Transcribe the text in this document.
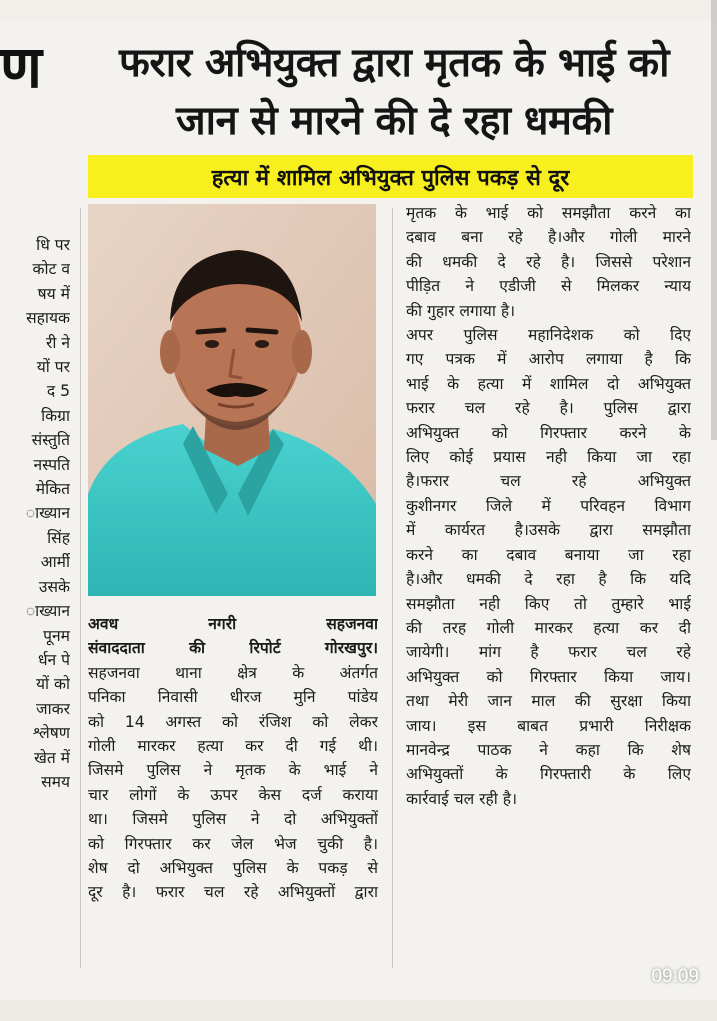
ण	फरार अभियुक्त द्वारा मृतक के भाई को
जान से मारने की दे रहा धमकी
हत्या में शामिल अभियुक्त पुलिस पकड़ से दूर
धि पर
कोट व
षय में
सहायक
री ने
यों पर
5 द
किग्रा
संस्तुति
नस्पति
मेकित
ाख्यान
सिंह
आर्मी
उसके
ाख्यान
पूनम
र्धन पे
यों को
जाकर
श्लेषण
खेत में
समय
अवध नगरी सहजनवा
संवाददाता की रिपोर्ट गोरखपुर।
सहजनवा थाना क्षेत्र के अंतर्गत
पनिका निवासी धीरज मुनि पांडेय
को 14 अगस्त को रंजिश को लेकर
गोली मारकर हत्या कर दी गई थी।
जिसमे पुलिस ने मृतक के भाई ने
चार लोगों के ऊपर केस दर्ज कराया
था। जिसमे पुलिस ने दो अभियुक्तों
को गिरफ्तार कर जेल भेज चुकी है।
शेष दो अभियुक्त पुलिस के पकड़ से
दूर है। फरार चल रहे अभियुक्तों द्वारा
मृतक के भाई को समझौता करने का
दबाव बना रहे है।और गोली मारने
की धमकी दे रहे है। जिससे परेशान
पीड़ित ने एडीजी से मिलकर न्याय
की गुहार लगाया है।
अपर पुलिस महानिदेशक को दिए
गए पत्रक में आरोप लगाया है कि
भाई के हत्या में शामिल दो अभियुक्त
फरार चल रहे है। पुलिस द्वारा
अभियुक्त को गिरफ्तार करने के
लिए कोई प्रयास नही किया जा रहा
है।फरार चल रहे अभियुक्त
कुशीनगर जिले में परिवहन विभाग
में कार्यरत है।उसके द्वारा समझौता
करने का दबाव बनाया जा रहा
है।और धमकी दे रहा है कि यदि
समझौता नही किए तो तुम्हारे भाई
की तरह गोली मारकर हत्या कर दी
जायेगी। मांग है फरार चल रहे
अभियुक्त को गिरफ्तार किया जाय।
तथा मेरी जान माल की सुरक्षा किया
जाय। इस बाबत प्रभारी निरीक्षक
मानवेन्द्र पाठक ने कहा कि शेष
अभियुक्तों के गिरफ्तारी के लिए
कार्रवाई चल रही है।
09:09
